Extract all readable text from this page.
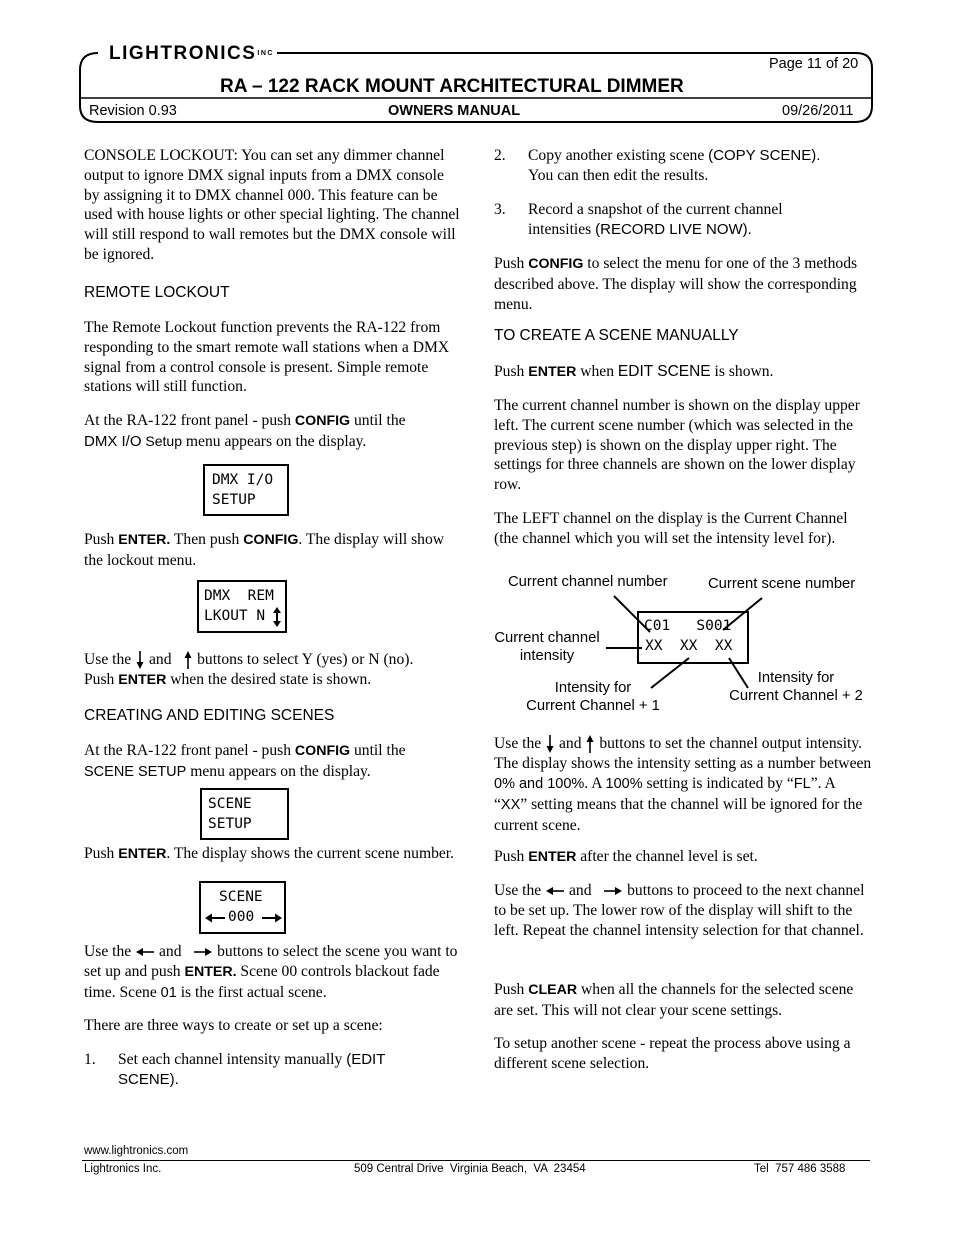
$LIGHTRONICS^{INC}$
Page 11 of 20
RA – 122 RACK MOUNT ARCHITECTURAL DIMMER
Revision 0.93	OWNERS MANUAL	09/26/2011

CONSOLE LOCKOUT: You can set any dimmer channel output to ignore DMX signal inputs from a DMX console by assigning it to DMX channel 000. This feature can be used with house lights or other special lighting. The channel will still respond to wall remotes but the DMX console will be ignored.

REMOTE LOCKOUT

The Remote Lockout function prevents the RA-122 from responding to the smart remote wall stations when a DMX signal from a control console is present. Simple remote stations will still function.

At the RA-122 front panel - push CONFIG until the
DMX I/O Setup menu appears on the display.

DMX I/O
SETUP

Push ENTER. Then push CONFIG. The display will show the lockout menu.

DMX  REM
LKOUT N

Use the  and    buttons to select Y (yes) or N (no).
Push ENTER when the desired state is shown.

CREATING AND EDITING SCENES

At the RA-122 front panel - push CONFIG until the
SCENE SETUP menu appears on the display.

SCENE
SETUP

Push ENTER. The display shows the current scene number.

SCENE
000

Use the  and    buttons to select the scene you want to set up and push ENTER. Scene 00 controls blackout fade time. Scene 01 is the first actual scene.

There are three ways to create or set up a scene:

1. Set each channel intensity manually (EDIT SCENE).

2. Copy another existing scene (COPY SCENE).
You can then edit the results.

3. Record a snapshot of the current channel intensities (RECORD LIVE NOW).

Push CONFIG to select the menu for one of the 3 methods described above. The display will show the corresponding menu.

TO CREATE A SCENE MANUALLY

Push ENTER when EDIT SCENE is shown.

The current channel number is shown on the display upper left. The current scene number (which was selected in the previous step) is shown on the display upper right. The settings for three channels are shown on the lower display row.

The LEFT channel on the display is the Current Channel (the channel which you will set the intensity level for).

C01   S001
XX  XX  XX
Current channel number	Current scene number
Current channel
intensity
Intensity for
Current Channel + 1
Intensity for
Current Channel + 2

Use the  and  buttons to set the channel output intensity. The display shows the intensity setting as a number between 0% and 100%. A 100% setting is indicated by “FL”. A “XX” setting means that the channel will be ignored for the current scene.

Push ENTER after the channel level is set.

Use the  and    buttons to proceed to the next channel to be set up. The lower row of the display will shift to the left. Repeat the channel intensity selection for that channel.

Push CLEAR when all the channels for the selected scene are set. This will not clear your scene settings.

To setup another scene - repeat the process above using a different scene selection.

www.lightronics.com
Lightronics Inc.	509 Central Drive  Virginia Beach,  VA  23454	Tel  757 486 3588
